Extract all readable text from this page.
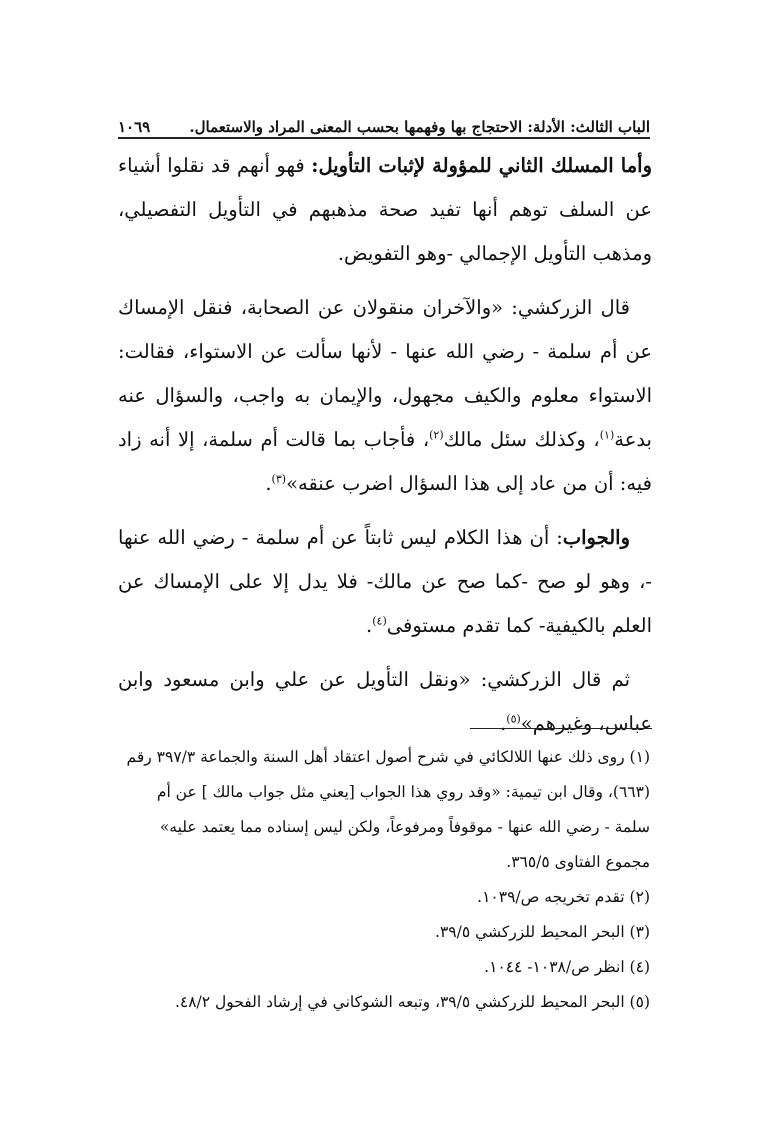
الباب الثالث: الأدلة: الاحتجاج بها وفهمها بحسب المعنى المراد والاستعمال.
١٠٦٩

وأما المسلك الثاني للمؤولة لإثبات التأويل: فهو أنهم قد نقلوا أشياء عن السلف توهم أنها تفيد صحة مذهبهم في التأويل التفصيلي، ومذهب التأويل الإجمالي -وهو التفويض.

قال الزركشي: «والآخران منقولان عن الصحابة، فنقل الإمساك عن أم سلمة - رضي الله عنها - لأنها سألت عن الاستواء، فقالت: الاستواء معلوم والكيف مجهول، والإيمان به واجب، والسؤال عنه بدعة$^{(١)}$، وكذلك سئل مالك$^{(٢)}$، فأجاب بما قالت أم سلمة، إلا أنه زاد فيه: أن من عاد إلى هذا السؤال اضرب عنقه»$^{(٣)}$.

والجواب: أن هذا الكلام ليس ثابتاً عن أم سلمة - رضي الله عنها -، وهو لو صح -كما صح عن مالك- فلا يدل إلا على الإمساك عن العلم بالكيفية- كما تقدم مستوفى$^{(٤)}$.

ثم قال الزركشي: «ونقل التأويل عن علي وابن مسعود وابن عباس، وغيرهم»$^{(٥)}$.

(١) روى ذلك عنها اللالكائي في شرح أصول اعتقاد أهل السنة والجماعة ٣٩٧/٣ رقم (٦٦٣)، وقال ابن تيمية: «وقد روي هذا الجواب [يعني مثل جواب مالك ] عن أم سلمة - رضي الله عنها - موقوفاً ومرفوعاً، ولكن ليس إسناده مما يعتمد عليه» مجموع الفتاوى ٣٦٥/٥.

(٢) تقدم تخريجه ص/١٠٣٩.

(٣) البحر المحيط للزركشي ٣٩/٥.

(٤) انظر ص/١٠٣٨- ١٠٤٤.

(٥) البحر المحيط للزركشي ٣٩/٥، وتبعه الشوكاني في إرشاد الفحول ٤٨/٢.
